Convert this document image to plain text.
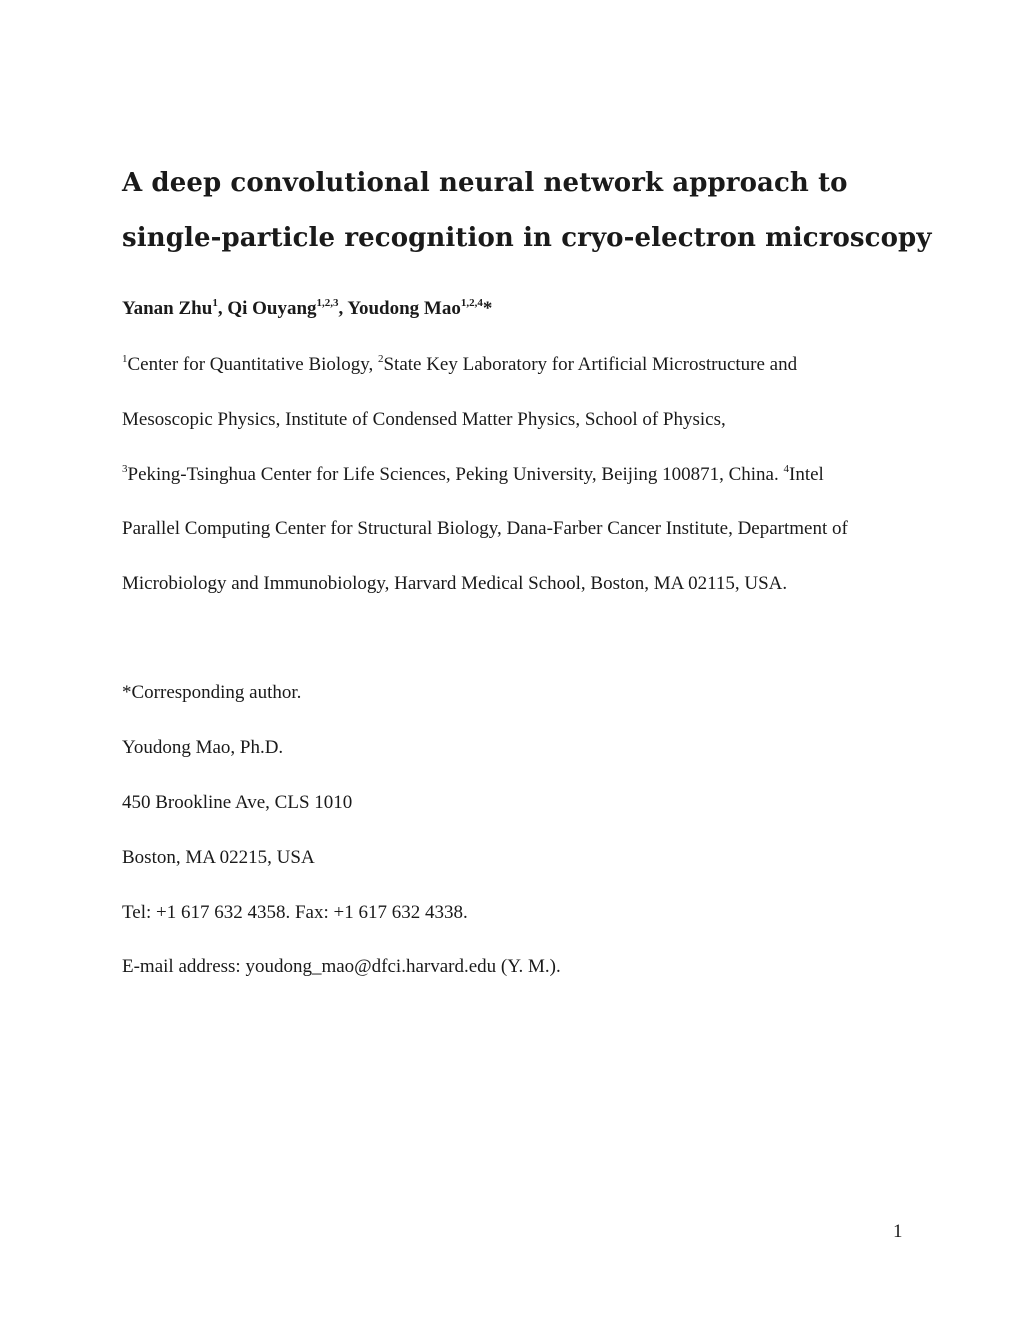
A deep convolutional neural network approach to
single-particle recognition in cryo-electron microscopy
Yanan Zhu$^1$, Qi Ouyang$^{1,2,3}$, Youdong Mao$^{1,2,4}$*
$^1$Center for Quantitative Biology, $^2$State Key Laboratory for Artificial Microstructure and
Mesoscopic Physics, Institute of Condensed Matter Physics, School of Physics,
$^3$Peking-Tsinghua Center for Life Sciences, Peking University, Beijing 100871, China. $^4$Intel
Parallel Computing Center for Structural Biology, Dana-Farber Cancer Institute, Department of
Microbiology and Immunobiology, Harvard Medical School, Boston, MA 02115, USA.
*Corresponding author.
Youdong Mao, Ph.D.
450 Brookline Ave, CLS 1010
Boston, MA 02215, USA
Tel: +1 617 632 4358. Fax: +1 617 632 4338.
E-mail address: youdong_mao@dfci.harvard.edu (Y. M.).
1
